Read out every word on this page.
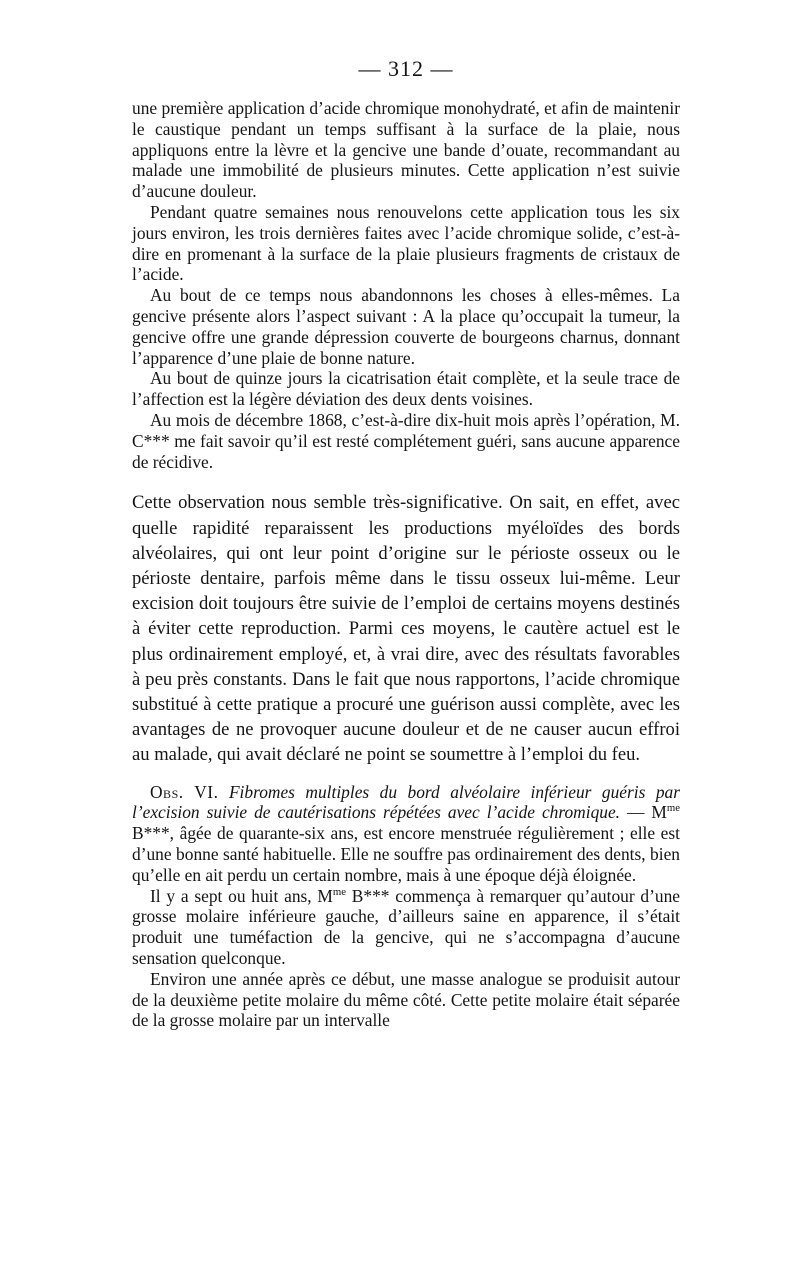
— 312 —

une première application d’acide chromique monohydraté, et afin de maintenir le caustique pendant un temps suffisant à la surface de la plaie, nous appliquons entre la lèvre et la gencive une bande d’ouate, recommandant au malade une immobilité de plusieurs minutes. Cette application n’est suivie d’aucune douleur.

Pendant quatre semaines nous renouvelons cette application tous les six jours environ, les trois dernières faites avec l’acide chromique solide, c’est-à-dire en promenant à la surface de la plaie plusieurs fragments de cristaux de l’acide.

Au bout de ce temps nous abandonnons les choses à elles-mêmes. La gencive présente alors l’aspect suivant : A la place qu’occupait la tumeur, la gencive offre une grande dépression couverte de bourgeons charnus, donnant l’apparence d’une plaie de bonne nature.

Au bout de quinze jours la cicatrisation était complète, et la seule trace de l’affection est la légère déviation des deux dents voisines.

Au mois de décembre 1868, c’est-à-dire dix-huit mois après l’opération, M. C*** me fait savoir qu’il est resté complétement guéri, sans aucune apparence de récidive.

Cette observation nous semble très-significative. On sait, en effet, avec quelle rapidité reparaissent les productions myéloïdes des bords alvéolaires, qui ont leur point d’origine sur le périoste osseux ou le périoste dentaire, parfois même dans le tissu osseux lui-même. Leur excision doit toujours être suivie de l’emploi de certains moyens destinés à éviter cette reproduction. Parmi ces moyens, le cautère actuel est le plus ordinairement employé, et, à vrai dire, avec des résultats favorables à peu près constants. Dans le fait que nous rapportons, l’acide chromique substitué à cette pratique a procuré une guérison aussi complète, avec les avantages de ne provoquer aucune douleur et de ne causer aucun effroi au malade, qui avait déclaré ne point se soumettre à l’emploi du feu.

Obs. VI. Fibromes multiples du bord alvéolaire inférieur guéris par l’excision suivie de cautérisations répétées avec l’acide chromique. — $M^{me}$ B***, âgée de quarante-six ans, est encore menstruée régulièrement ; elle est d’une bonne santé habituelle. Elle ne souffre pas ordinairement des dents, bien qu’elle en ait perdu un certain nombre, mais à une époque déjà éloignée.

Il y a sept ou huit ans, $M^{me}$ B*** commença à remarquer qu’autour d’une grosse molaire inférieure gauche, d’ailleurs saine en apparence, il s’était produit une tuméfaction de la gencive, qui ne s’accompagna d’aucune sensation quelconque.

Environ une année après ce début, une masse analogue se produisit autour de la deuxième petite molaire du même côté. Cette petite molaire était séparée de la grosse molaire par un intervalle
